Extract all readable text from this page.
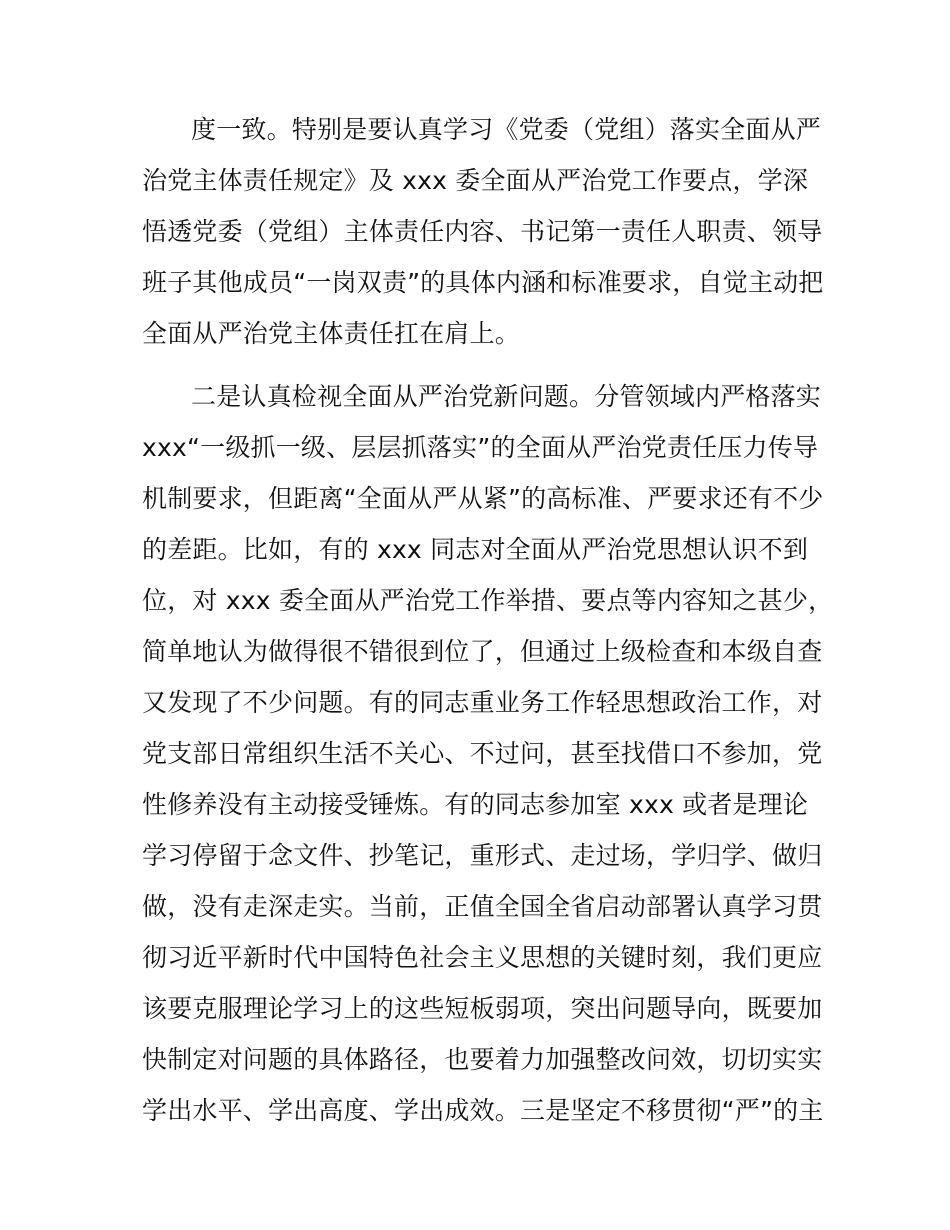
度一致。特别是要认真学习《党委（党组）落实全面从严
治党主体责任规定》及 xxx 委全面从严治党工作要点，学深
悟透党委（党组）主体责任内容、书记第一责任人职责、领导
班子其他成员“一岗双责”的具体内涵和标准要求，自觉主动把
全面从严治党主体责任扛在肩上。
二是认真检视全面从严治党新问题。分管领域内严格落实
xxx“一级抓一级、层层抓落实”的全面从严治党责任压力传导
机制要求，但距离“全面从严从紧”的高标准、严要求还有不少
的差距。比如，有的 xxx 同志对全面从严治党思想认识不到
位，对 xxx 委全面从严治党工作举措、要点等内容知之甚少，
简单地认为做得很不错很到位了，但通过上级检查和本级自查
又发现了不少问题。有的同志重业务工作轻思想政治工作，对
党支部日常组织生活不关心、不过问，甚至找借口不参加，党
性修养没有主动接受锤炼。有的同志参加室 xxx 或者是理论
学习停留于念文件、抄笔记，重形式、走过场，学归学、做归
做，没有走深走实。当前，正值全国全省启动部署认真学习贯
彻习近平新时代中国特色社会主义思想的关键时刻，我们更应
该要克服理论学习上的这些短板弱项，突出问题导向，既要加
快制定对问题的具体路径，也要着力加强整改问效，切切实实
学出水平、学出高度、学出成效。三是坚定不移贯彻“严”的主
